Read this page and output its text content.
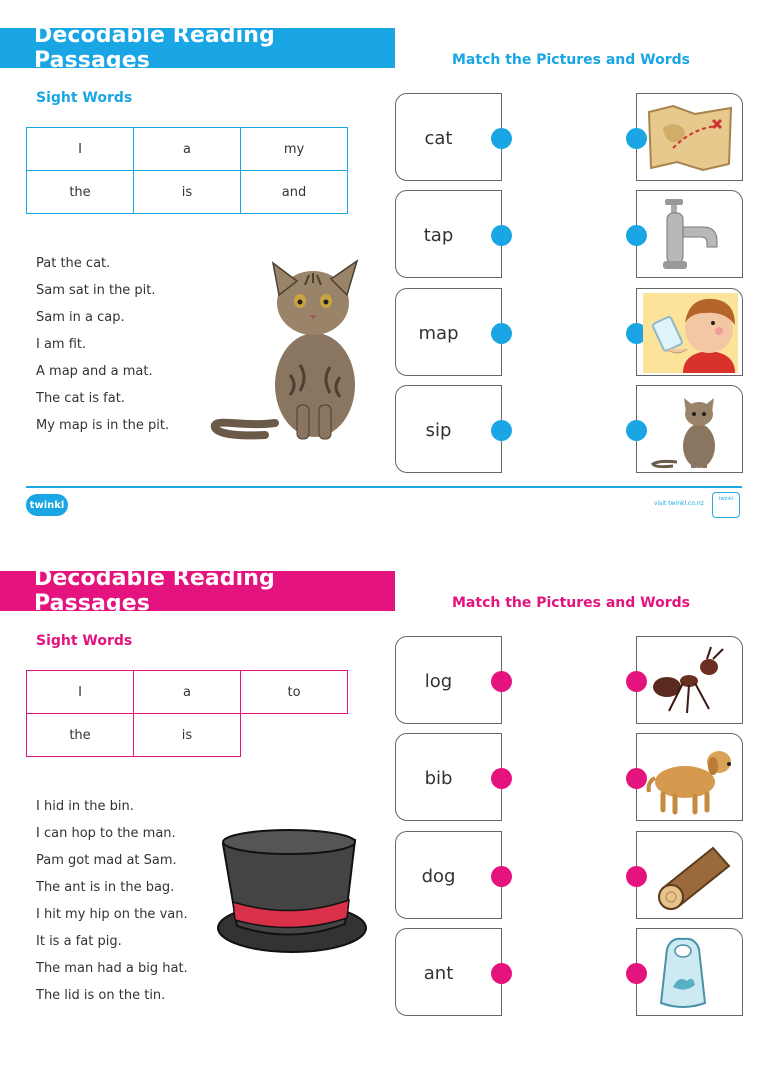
Decodable Reading Passages	Match the Pictures and Words
Sight Words
I	a	my
the	is	and
Pat the cat.
Sam sat in the pit.
Sam in a cap.
I am fit.
A map and a mat.
The cat is fat.
My map is in the pit.
cat
tap
map
sip
twinkl	visit twinkl.co.nz
twinkl
Decodable Reading Passages	Match the Pictures and Words
Sight Words
I	a	to
the	is	
I hid in the bin.
I can hop to the man.
Pam got mad at Sam.
The ant is in the bag.
I hit my hip on the van.
It is a fat pig.
The man had a big hat.
The lid is on the tin.
log
bib
dog
ant
